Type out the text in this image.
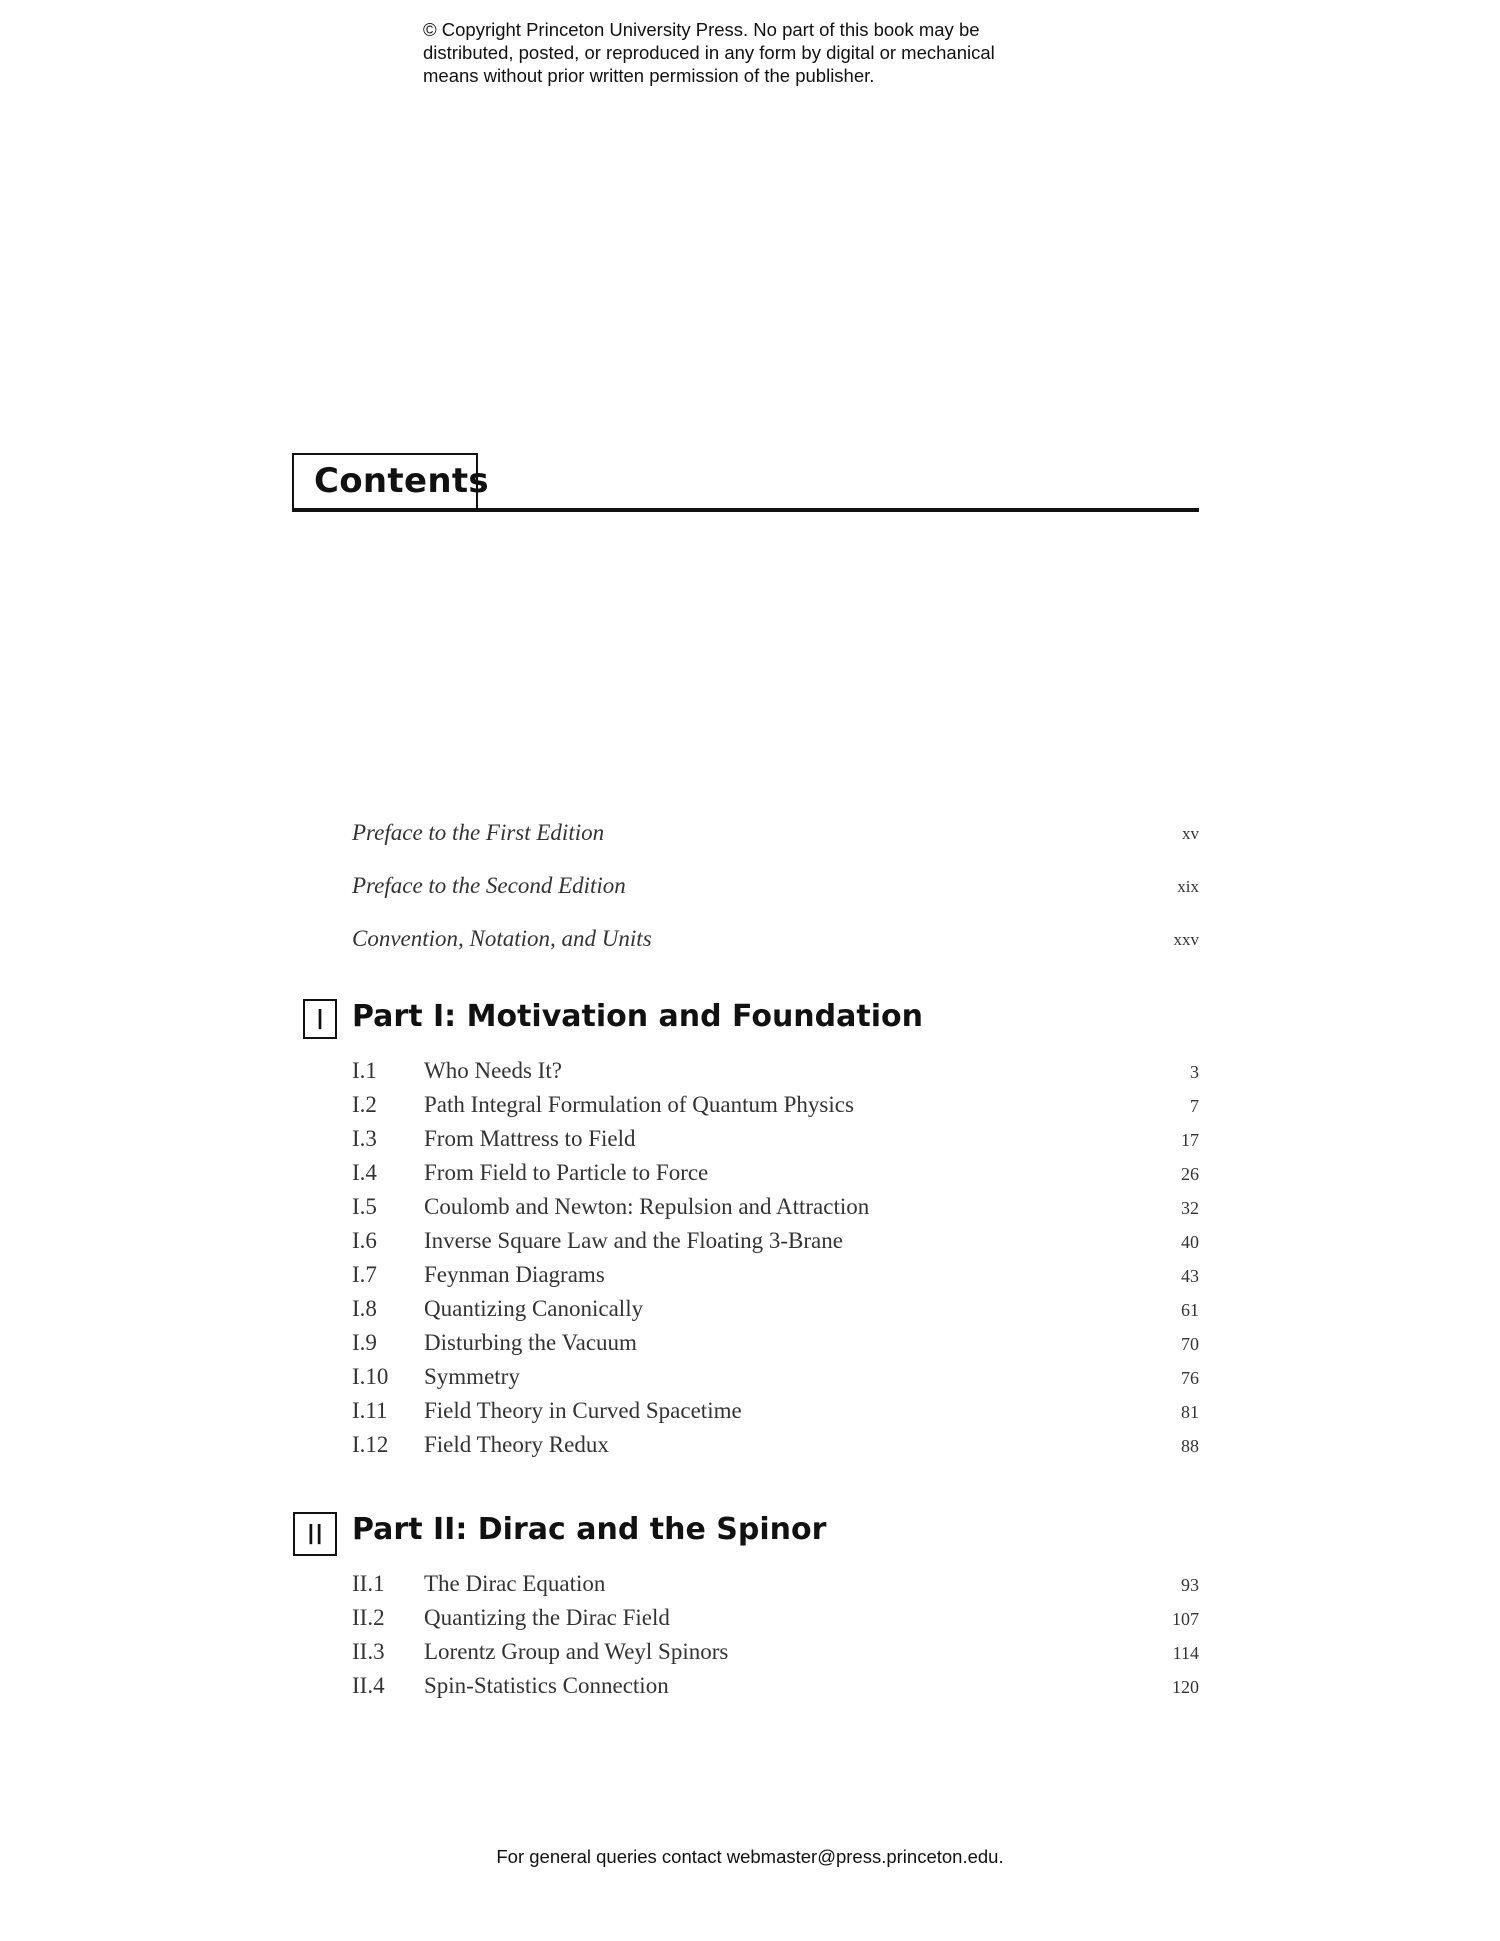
© Copyright Princeton University Press. No part of this book may be
distributed, posted, or reproduced in any form by digital or mechanical
means without prior written permission of the publisher.
Contents
Preface to the First Edition	xv
Preface to the Second Edition	xix
Convention, Notation, and Units	xxv
I Part I: Motivation and Foundation
I.1 Who Needs It?	3
I.2 Path Integral Formulation of Quantum Physics	7
I.3 From Mattress to Field	17
I.4 From Field to Particle to Force	26
I.5 Coulomb and Newton: Repulsion and Attraction	32
I.6 Inverse Square Law and the Floating 3-Brane	40
I.7 Feynman Diagrams	43
I.8 Quantizing Canonically	61
I.9 Disturbing the Vacuum	70
I.10 Symmetry	76
I.11 Field Theory in Curved Spacetime	81
I.12 Field Theory Redux	88
II Part II: Dirac and the Spinor
II.1 The Dirac Equation	93
II.2 Quantizing the Dirac Field	107
II.3 Lorentz Group and Weyl Spinors	114
II.4 Spin-Statistics Connection	120
For general queries contact webmaster@press.princeton.edu.
